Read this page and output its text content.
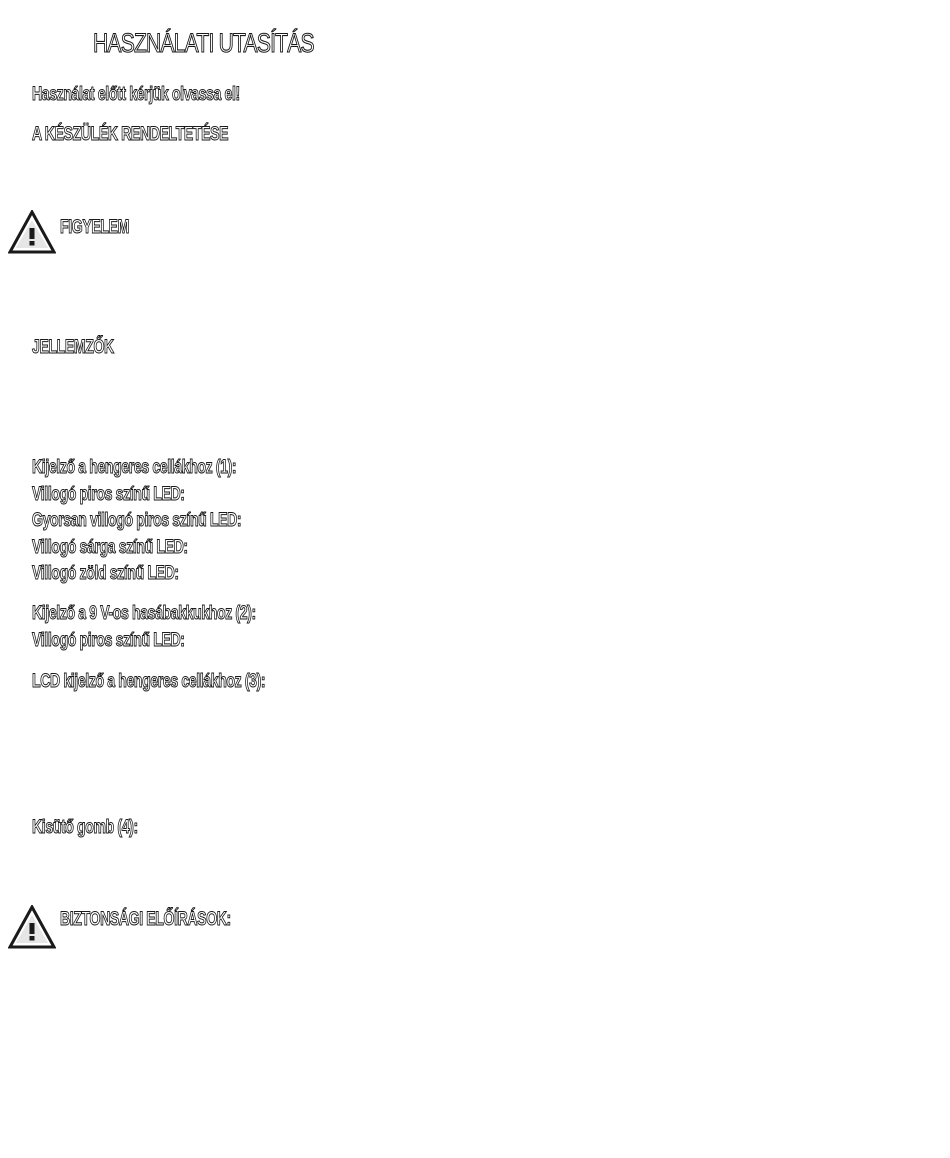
HASZNÁLATI UTASÍTÁS

Használat előtt kérjük olvassa el!

A KÉSZÜLÉK RENDELTETÉSE

FIGYELEM

JELLEMZŐK

Kijelző a hengeres cellákhoz (1):
Villogó piros színű LED:
Gyorsan villogó piros színű LED:
Villogó sárga színű LED:
Villogó zöld színű LED:
Kijelző a 9 V-os hasábakkukhoz (2):
Villogó piros színű LED:

LCD kijelző a hengeres cellákhoz (3):

Kisütő gomb (4):

BIZTONSÁGI ELŐÍRÁSOK:
